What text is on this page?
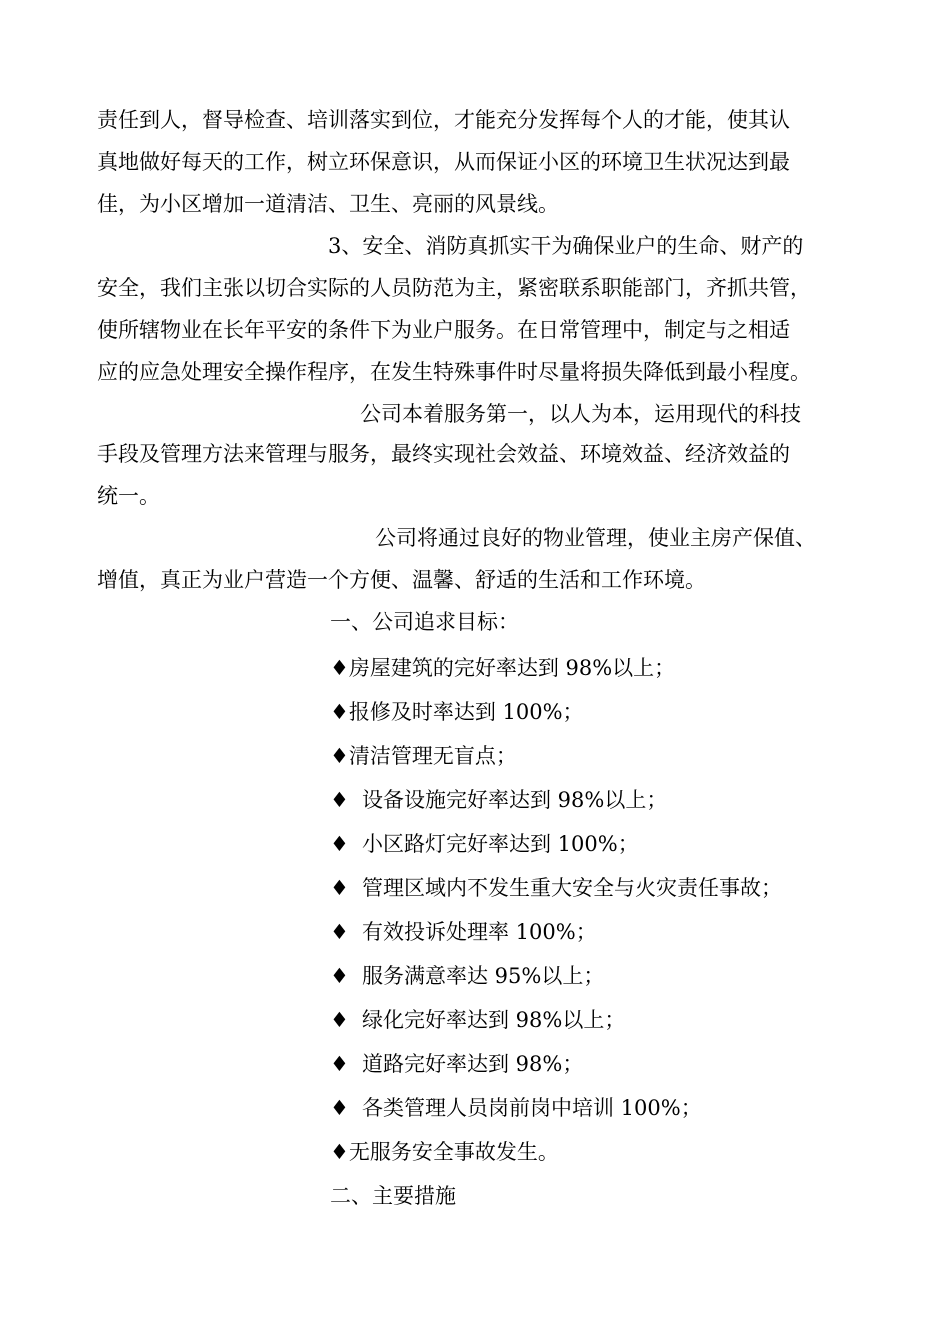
责任到人，督导检查、培训落实到位，才能充分发挥每个人的才能，使其认
真地做好每天的工作，树立环保意识，从而保证小区的环境卫生状况达到最
佳，为小区增加一道清洁、卫生、亮丽的风景线。
3、安全、消防真抓实干为确保业户的生命、财产的
安全，我们主张以切合实际的人员防范为主，紧密联系职能部门，齐抓共管，
使所辖物业在长年平安的条件下为业户服务。在日常管理中，制定与之相适
应的应急处理安全操作程序，在发生特殊事件时尽量将损失降低到最小程度。
公司本着服务第一，以人为本，运用现代的科技
手段及管理方法来管理与服务，最终实现社会效益、环境效益、经济效益的
统一。
公司将通过良好的物业管理，使业主房产保值、
增值，真正为业户营造一个方便、温馨、舒适的生活和工作环境。
一、公司追求目标：
♦房屋建筑的完好率达到 98%以上；
♦报修及时率达到 100%；
♦清洁管理无盲点；
♦ 设备设施完好率达到 98%以上；
♦ 小区路灯完好率达到 100%；
♦ 管理区域内不发生重大安全与火灾责任事故；
♦ 有效投诉处理率 100%；
♦ 服务满意率达 95%以上；
♦ 绿化完好率达到 98%以上；
♦ 道路完好率达到 98%；
♦ 各类管理人员岗前岗中培训 100%；
♦无服务安全事故发生。
二、主要措施
